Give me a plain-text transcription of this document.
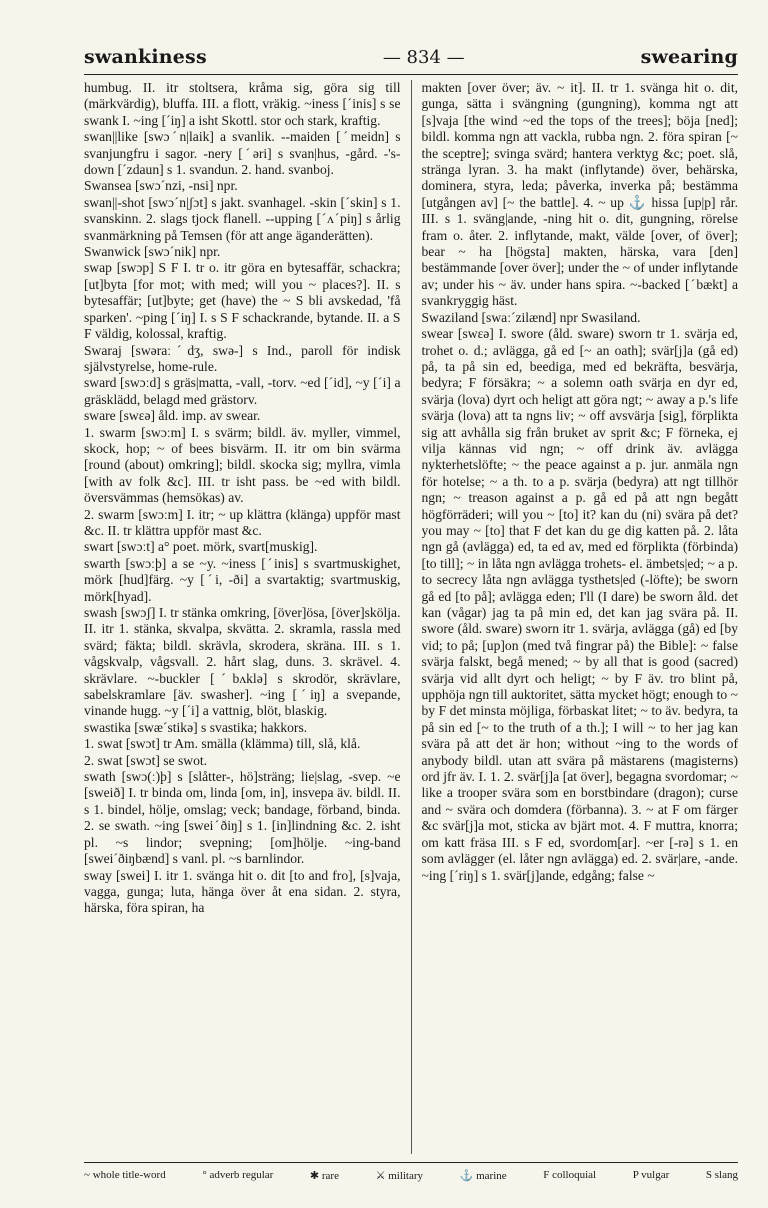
swankiness	— 834 —	swearing

humbug. II. itr stoltsera, kråma sig, göra sig till (märkvärdig), bluffa. III. a flott, vräkig. ~iness [ˊinis] s se swank I. ~ing [ˊiŋ] a isht Skottl. stor och stark, kraftig.

swan||like [swɔˊn|laik] a svanlik. --maiden [ˊmeidn] s svanjungfru i sagor. -nery [ˊəri] s svan|hus, -gård. -'s-down [ˊzdaun] s 1. svandun. 2. hand. svanboj.

Swansea [swɔˊnzi, -nsi] npr.

swan||-shot [swɔˊn|ʃɔt] s jakt. svanhagel. -skin [ˊskin] s 1. svanskinn. 2. slags tjock flanell. --upping [ˊʌˊpiŋ] s årlig svanmärkning på Temsen (för att ange äganderätten).

Swanwick [swɔˊnik] npr.

swap [swɔp] S F I. tr o. itr göra en bytesaffär, schackra; [ut]byta [for mot; with med; will you ~ places?]. II. s bytesaffär; [ut]byte; get (have) the ~ S bli avskedad, 'få sparken'. ~ping [ˊiŋ] I. s S F schackrande, bytande. II. a S F väldig, kolossal, kraftig.

Swaraj [swəraːˊdʒ, swə-] s Ind., paroll för indisk självstyrelse, home-rule.

sward [swɔːd] s gräs|matta, -vall, -torv. ~ed [ˊid], ~y [ˊi] a gräsklädd, belagd med grästorv.

sware [swɛə] åld. imp. av swear.

1. swarm [swɔːm] I. s svärm; bildl. äv. myller, vimmel, skock, hop; ~ of bees bisvärm. II. itr om bin svärma [round (about) omkring]; bildl. skocka sig; myllra, vimla [with av folk &c]. III. tr isht pass. be ~ed with bildl. översvämmas (hemsökas) av.

2. swarm [swɔːm] I. itr; ~ up klättra (klänga) uppför mast &c. II. tr klättra uppför mast &c.

swart [swɔːt] a° poet. mörk, svart[muskig].

swarth [swɔːþ] a se ~y. ~iness [ˊinis] s svartmuskighet, mörk [hud]färg. ~y [ˊi, -ði] a svartaktig; svartmuskig, mörk[hyad].

swash [swɔʃ] I. tr stänka omkring, [över]ösa, [över]skölja. II. itr 1. stänka, skvalpa, skvätta. 2. skramla, rassla med svärd; fäkta; bildl. skrävla, skrodera, skräna. III. s 1. vågskvalp, vågsvall. 2. hårt slag, duns. 3. skrävel. 4. skrävlare. ~-buckler [ˊbʌklə] s skrodör, skrävlare, sabelskramlare [äv. swasher]. ~ing [ˊiŋ] a svepande, vinande hugg. ~y [ˊi] a vattnig, blöt, blaskig.

swastika [swæˊstikə] s svastika; hakkors.

1. swat [swɔt] tr Am. smälla (klämma) till, slå, klå.

2. swat [swɔt] se swot.

swath [swɔ(ː)þ] s [slåtter-, hö]sträng; lie|slag, -svep. ~e [sweið] I. tr binda om, linda [om, in], insvepa äv. bildl. II. s 1. bindel, hölje, omslag; veck; bandage, förband, binda. 2. se swath. ~ing [sweiˊðiŋ] s 1. [in]lindning &c. 2. isht pl. ~s lindor; svepning; [om]hölje. ~ing-band [sweiˊðiŋbænd] s vanl. pl. ~s barnlindor.

sway [swei] I. itr 1. svänga hit o. dit [to and fro], [s]vaja, vagga, gunga; luta, hänga över åt ena sidan. 2. styra, härska, föra spiran, ha

makten [over över; äv. ~ it]. II. tr 1. svänga hit o. dit, gunga, sätta i svängning (gungning), komma ngt att [s]vaja [the wind ~ed the tops of the trees]; böja [ned]; bildl. komma ngn att vackla, rubba ngn. 2. föra spiran [~ the sceptre]; svinga svärd; hantera verktyg &c; poet. slå, stränga lyran. 3. ha makt (inflytande) över, behärska, dominera, styra, leda; påverka, inverka på; bestämma [utgången av] [~ the battle]. 4. ~ up ⚓ hissa [up|p] rår. III. s 1. sväng|ande, -ning hit o. dit, gungning, rörelse fram o. åter. 2. inflytande, makt, välde [over, of över]; bear ~ ha [högsta] makten, härska, vara [den] bestämmande [over över]; under the ~ of under inflytande av; under his ~ äv. under hans spira. ~-backed [ˊbækt] a svankryggig häst.

Swaziland [swaːˊzilænd] npr Swasiland.

swear [swɛə] I. swore (åld. sware) sworn tr 1. svärja ed, trohet o. d.; avlägga, gå ed [~ an oath]; svär[j]a (gå ed) på, ta på sin ed, beediga, med ed bekräfta, besvärja, bedyra; F försäkra; ~ a solemn oath svärja en dyr ed, svärja (lova) dyrt och heligt att göra ngt; ~ away a p.'s life svärja (lova) att ta ngns liv; ~ off avsvärja [sig], förplikta sig att avhålla sig från bruket av sprit &c; F förneka, ej vilja kännas vid ngn; ~ off drink äv. avlägga nykterhetslöfte; ~ the peace against a p. jur. anmäla ngn för hotelse; ~ a th. to a p. svärja (bedyra) att ngt tillhör ngn; ~ treason against a p. gå ed på att ngn begått högförräderi; will you ~ [to] it? kan du (ni) svära på det? you may ~ [to] that F det kan du ge dig katten på. 2. låta ngn gå (avlägga) ed, ta ed av, med ed förplikta (förbinda) [to till]; ~ in låta ngn avlägga trohets- el. ämbets|ed; ~ a p. to secrecy låta ngn avlägga tysthets|ed (-löfte); be sworn gå ed [to på]; avlägga eden; I'll (I dare) be sworn åld. det kan (vågar) jag ta på min ed, det kan jag svära på. II. swore (åld. sware) sworn itr 1. svärja, avlägga (gå) ed [by vid; to på; [up]on (med två fingrar på) the Bible]: ~ false svärja falskt, begå mened; ~ by all that is good (sacred) svärja vid allt dyrt och heligt; ~ by F äv. tro blint på, upphöja ngn till auktoritet, sätta mycket högt; enough to ~ by F det minsta möjliga, förbaskat litet; ~ to äv. bedyra, ta på sin ed [~ to the truth of a th.]; I will ~ to her jag kan svära på att det är hon; without ~ing to the words of anybody bildl. utan att svära på mästarens (magisterns) ord jfr äv. I. 1. 2. svär[j]a [at över], begagna svordomar; ~ like a trooper svära som en borstbindare (dragon); curse and ~ svära och domdera (förbanna). 3. ~ at F om färger &c svär[j]a mot, sticka av bjärt mot. 4. F muttra, knorra; om katt fräsa III. s F ed, svordom[ar]. ~er [-rə] s 1. en som avlägger (el. låter ngn avlägga) ed. 2. svär|are, -ande. ~ing [ˊriŋ] s 1. svär[j]ande, edgång; false ~

~ whole title-word	° adverb regular	✱ rare	⚔ military	⚓ marine	F colloquial	P vulgar	S slang
